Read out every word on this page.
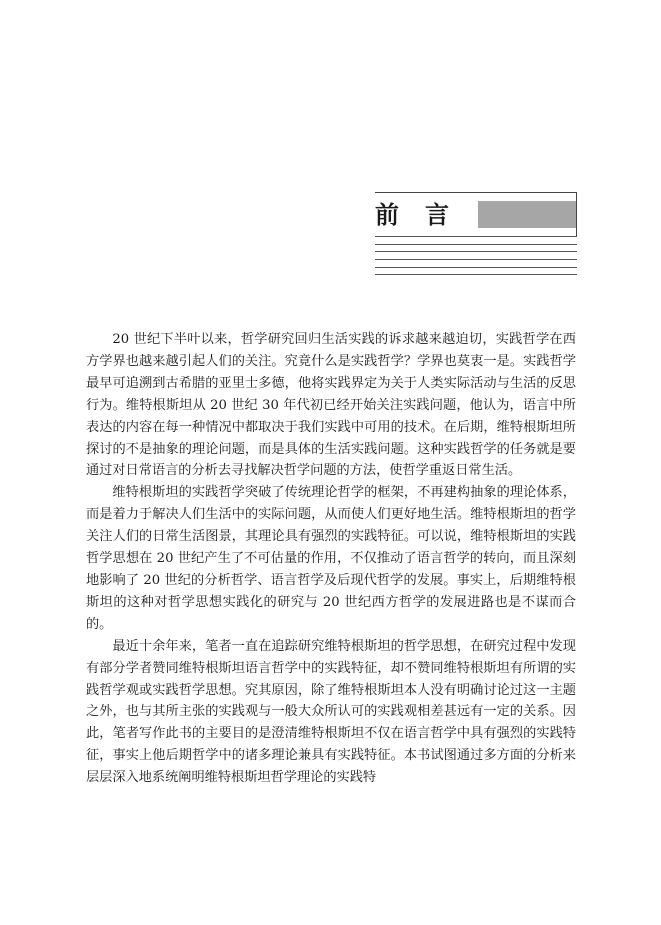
前言

20 世纪下半叶以来，哲学研究回归生活实践的诉求越来越迫切，实践哲学在西方学界也越来越引起人们的关注。究竟什么是实践哲学？学界也莫衷一是。实践哲学最早可追溯到古希腊的亚里士多德，他将实践界定为关于人类实际活动与生活的反思行为。维特根斯坦从 20 世纪 30 年代初已经开始关注实践问题，他认为，语言中所表达的内容在每一种情况中都取决于我们实践中可用的技术。在后期，维特根斯坦所探讨的不是抽象的理论问题，而是具体的生活实践问题。这种实践哲学的任务就是要通过对日常语言的分析去寻找解决哲学问题的方法，使哲学重返日常生活。

维特根斯坦的实践哲学突破了传统理论哲学的框架，不再建构抽象的理论体系，而是着力于解决人们生活中的实际问题，从而使人们更好地生活。维特根斯坦的哲学关注人们的日常生活图景，其理论具有强烈的实践特征。可以说，维特根斯坦的实践哲学思想在 20 世纪产生了不可估量的作用，不仅推动了语言哲学的转向，而且深刻地影响了 20 世纪的分析哲学、语言哲学及后现代哲学的发展。事实上，后期维特根斯坦的这种对哲学思想实践化的研究与 20 世纪西方哲学的发展进路也是不谋而合的。

最近十余年来，笔者一直在追踪研究维特根斯坦的哲学思想，在研究过程中发现有部分学者赞同维特根斯坦语言哲学中的实践特征，却不赞同维特根斯坦有所谓的实践哲学观或实践哲学思想。究其原因，除了维特根斯坦本人没有明确讨论过这一主题之外，也与其所主张的实践观与一般大众所认可的实践观相差甚远有一定的关系。因此，笔者写作此书的主要目的是澄清维特根斯坦不仅在语言哲学中具有强烈的实践特征，事实上他后期哲学中的诸多理论兼具有实践特征。本书试图通过多方面的分析来层层深入地系统阐明维特根斯坦哲学理论的实践特
